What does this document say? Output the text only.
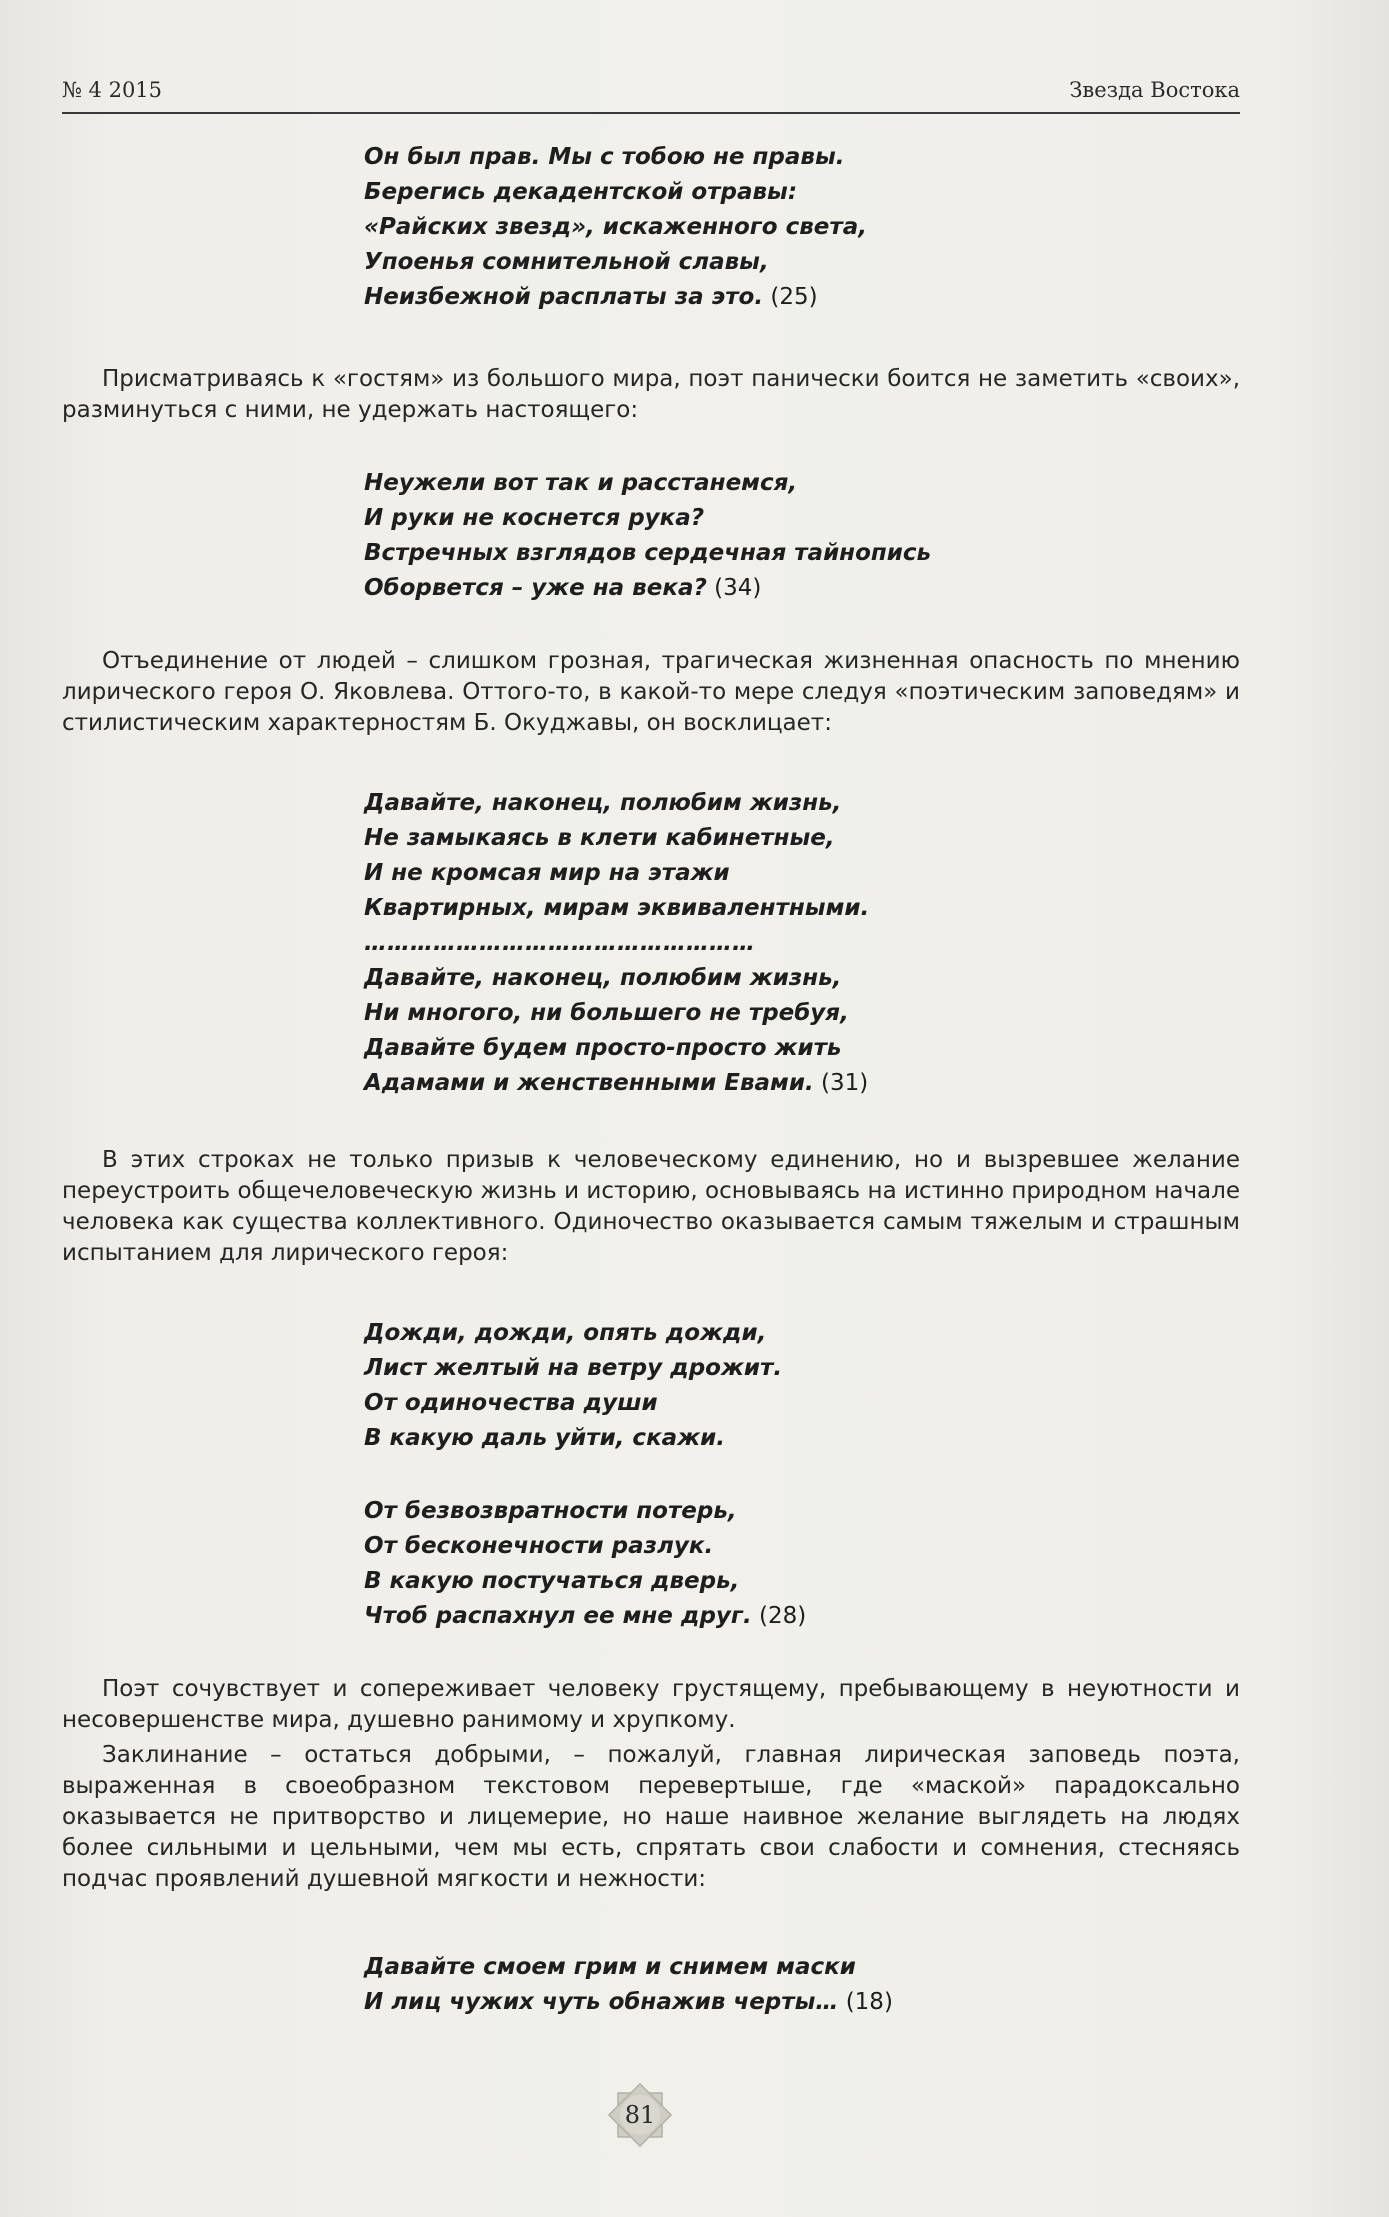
№ 4 2015	Звезда Востока
Он был прав. Мы с тобою не правы.
Берегись декадентской отравы:
«Райских звезд», искаженного света,
Упоенья сомнительной славы,
Неизбежной расплаты за это. (25)
Присматриваясь к «гостям» из большого мира, поэт панически боится не заметить «своих», разминуться с ними, не удержать настоящего:
Неужели вот так и расстанемся,
И руки не коснется рука?
Встречных взглядов сердечная тайнопись
Оборвется – уже на века? (34)
Отъединение от людей – слишком грозная, трагическая жизненная опасность по мнению лирического героя О. Яковлева. Оттого-то, в какой-то мере следуя «поэтическим заповедям» и стилистическим характерностям Б. Окуджавы, он восклицает:
Давайте, наконец, полюбим жизнь,
Не замыкаясь в клети кабинетные,
И не кромсая мир на этажи
Квартирных, мирам эквивалентными.
……………………………………………
Давайте, наконец, полюбим жизнь,
Ни многого, ни большего не требуя,
Давайте будем просто-просто жить
Адамами и женственными Евами. (31)
В этих строках не только призыв к человеческому единению, но и вызревшее желание переустроить общечеловеческую жизнь и историю, основываясь на истинно природном начале человека как существа коллективного. Одиночество оказывается самым тяжелым и страшным испытанием для лирического героя:
Дожди, дожди, опять дожди,
Лист желтый на ветру дрожит.
От одиночества души
В какую даль уйти, скажи.
От безвозвратности потерь,
От бесконечности разлук.
В какую постучаться дверь,
Чтоб распахнул ее мне друг. (28)
Поэт сочувствует и сопереживает человеку грустящему, пребывающему в неуютности и несовершенстве мира, душевно ранимому и хрупкому.
Заклинание – остаться добрыми, – пожалуй, главная лирическая заповедь поэта, выраженная в своеобразном текстовом перевертыше, где «маской» парадоксально оказывается не притворство и лицемерие, но наше наивное желание выглядеть на людях более сильными и цельными, чем мы есть, спрятать свои слабости и сомнения, стесняясь подчас проявлений душевной мягкости и нежности:
Давайте смоем грим и снимем маски
И лиц чужих чуть обнажив черты… (18)
81
